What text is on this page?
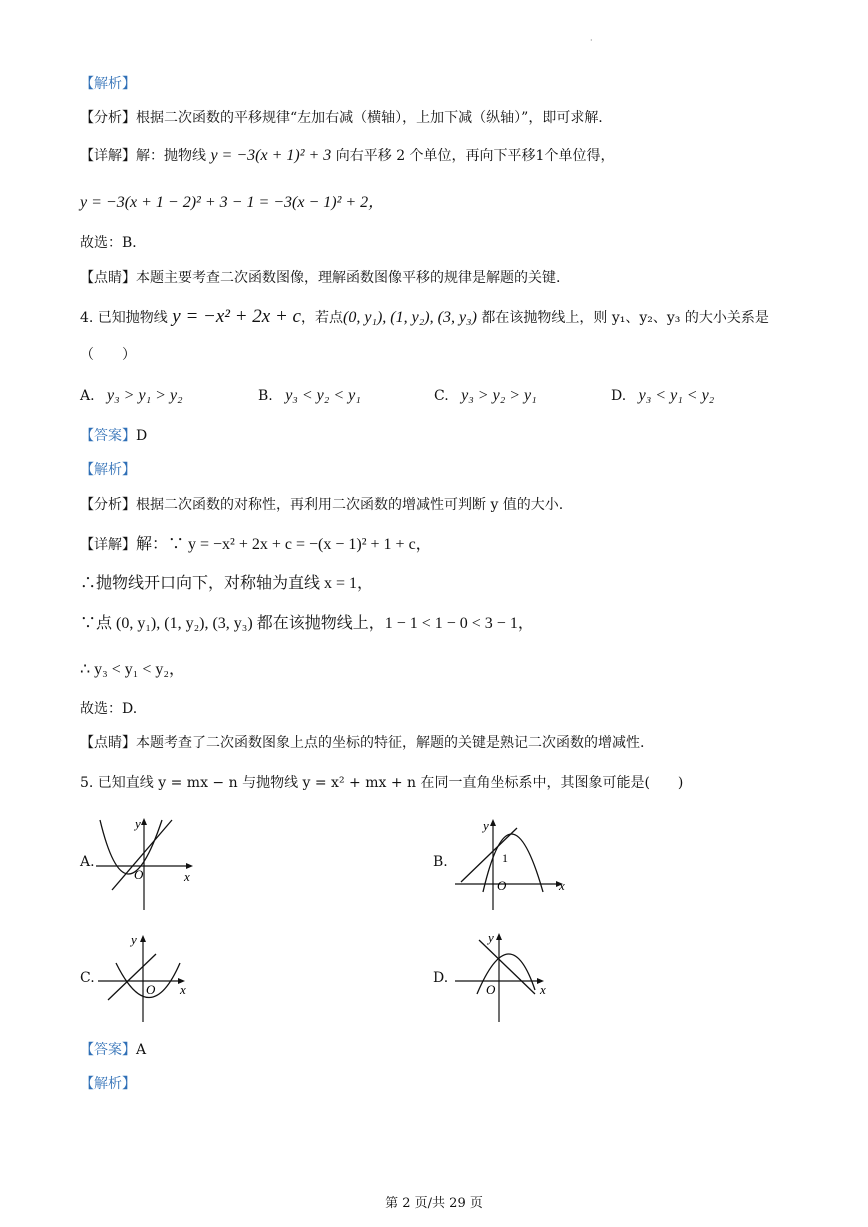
·
【解析】
【分析】根据二次函数的平移规律“左加右减（横轴），上加下减（纵轴）”，即可求解.
【详解】解：抛物线 y = −3(x + 1)² + 3 向右平移 2 个单位，再向下平移1个单位得，
y = −3(x + 1 − 2)² + 3 − 1 = −3(x − 1)² + 2，
故选：B．
【点睛】本题主要考查二次函数图像，理解函数图像平移的规律是解题的关键.
4. 已知抛物线 y = −x² + 2x + c，若点(0, y₁), (1, y₂), (3, y₃) 都在该抛物线上，则 y₁、y₂、y₃ 的大小关系是
（　　）
A. y₃ > y₁ > y₂	B. y₃ < y₂ < y₁	C. y₃ > y₂ > y₁	D. y₃ < y₁ < y₂
【答案】D
【解析】
【分析】根据二次函数的对称性，再利用二次函数的增减性可判断 y 值的大小.
【详解】解：∵ y = −x² + 2x + c = −(x − 1)² + 1 + c，
∴抛物线开口向下，对称轴为直线 x = 1，
∵点 (0, y₁), (1, y₂), (3, y₃) 都在该抛物线上，1 − 1 < 1 − 0 < 3 − 1，
∴ y₃ < y₁ < y₂，
故选：D.
【点睛】本题考查了二次函数图象上点的坐标的特征，解题的关键是熟记二次函数的增减性.
5. 已知直线 y = mx − n 与抛物线 y = x² + mx + n 在同一直角坐标系中，其图象可能是(　　)
A.
y
x
O
B.
y
x
O
1
C.
y
x
O
D.
y
x
O
【答案】A
【解析】
第 2 页/共 29 页
